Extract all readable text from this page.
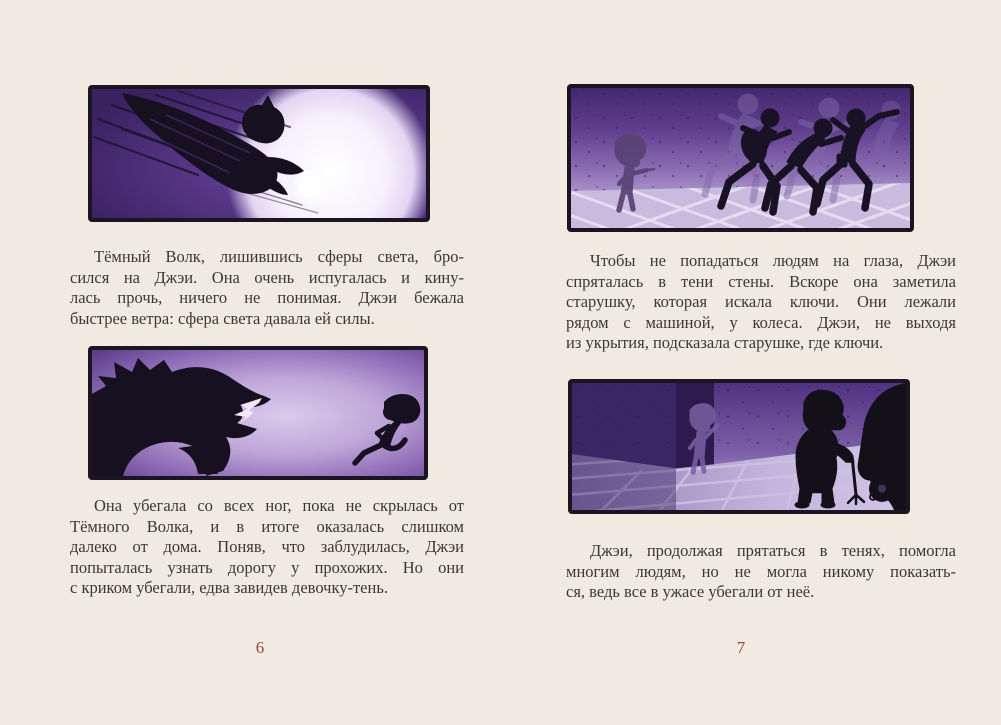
Тёмный Волк, лишившись сферы света, бро-
сился на Джэи. Она очень испугалась и кину-
лась прочь, ничего не понимая. Джэи бежала
быстрее ветра: сфера света давала ей силы.
Она убегала со всех ног, пока не скрылась от
Тёмного Волка, и в итоге оказалась слишком
далеко от дома. Поняв, что заблудилась, Джэи
попыталась узнать дорогу у прохожих. Но они
с криком убегали, едва завидев девочку-тень.
6
Чтобы не попадаться людям на глаза, Джэи
спряталась в тени стены. Вскоре она заметила
старушку, которая искала ключи. Они лежали
рядом с машиной, у колеса. Джэи, не выходя
из укрытия, подсказала старушке, где ключи.
Джэи, продолжая прятаться в тенях, помогла
многим людям, но не могла никому показать-
ся, ведь все в ужасе убегали от неё.
7
